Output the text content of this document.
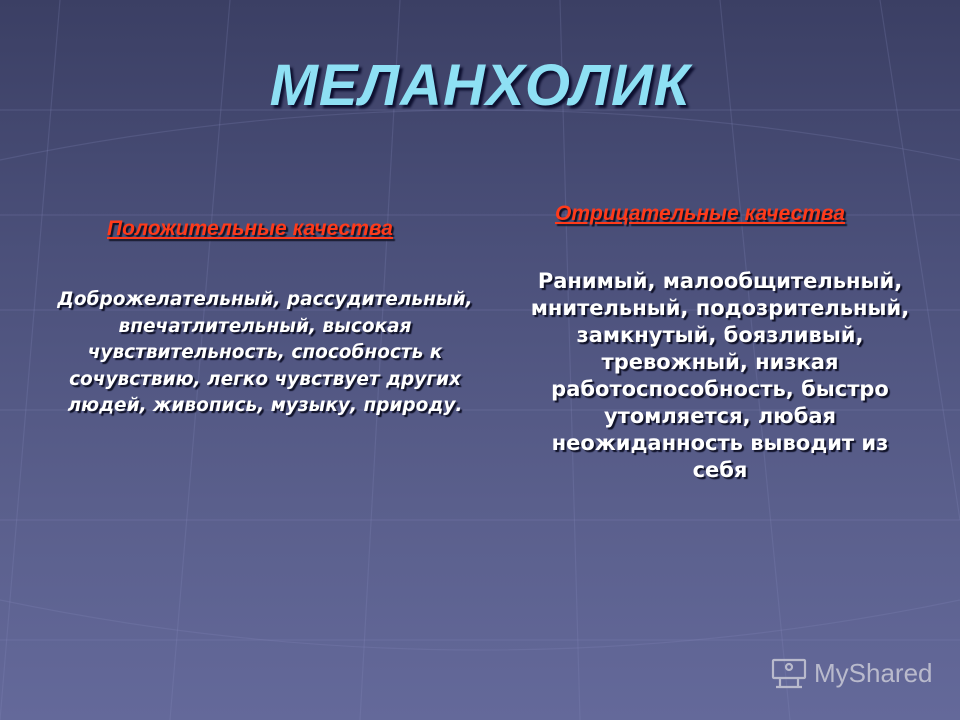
МЕЛАНХОЛИК
Положительные качества
Доброжелательный, рассудительный, впечатлительный, высокая чувствительность, способность к сочувствию, легко чувствует других людей, живопись, музыку, природу.
Отрицательные качества
Ранимый, малообщительный, мнительный, подозрительный, замкнутый, боязливый, тревожный, низкая работоспособность, быстро утомляется, любая неожиданность выводит из себя
MyShared
